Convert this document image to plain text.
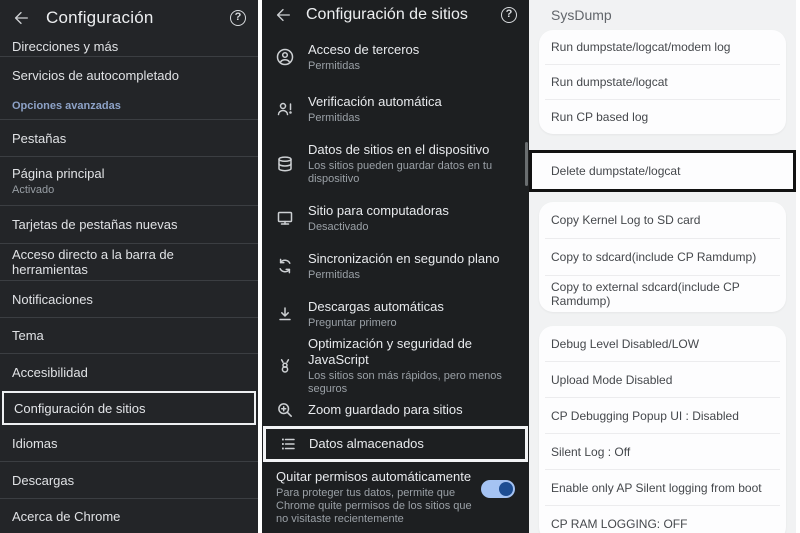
Configuración	?
Direcciones y más
Servicios de autocompletado
Opciones avanzadas
Pestañas
Página principal
Activado
Tarjetas de pestañas nuevas
Acceso directo a la barra de herramientas
Notificaciones
Tema
Accesibilidad
Configuración de sitios
Idiomas
Descargas
Acerca de Chrome
Configuración de sitios	?
Acceso de terceros
Permitidas
Verificación automática
Permitidas
Datos de sitios en el dispositivo
Los sitios pueden guardar datos en tu dispositivo
Sitio para computadoras
Desactivado
Sincronización en segundo plano
Permitidas
Descargas automáticas
Preguntar primero
Optimización y seguridad de JavaScript
Los sitios son más rápidos, pero menos seguros
Zoom guardado para sitios
Datos almacenados
Quitar permisos automáticamente
Para proteger tus datos, permite que Chrome quite permisos de los sitios que no visitaste recientemente
SysDump
Run dumpstate/logcat/modem log
Run dumpstate/logcat
Run CP based log
Delete dumpstate/logcat
Copy Kernel Log to SD card
Copy to sdcard(include CP Ramdump)
Copy to external sdcard(include CP Ramdump)
Debug Level Disabled/LOW
Upload Mode Disabled
CP Debugging Popup UI : Disabled
Silent Log : Off
Enable only AP Silent logging from boot
CP RAM LOGGING: OFF
